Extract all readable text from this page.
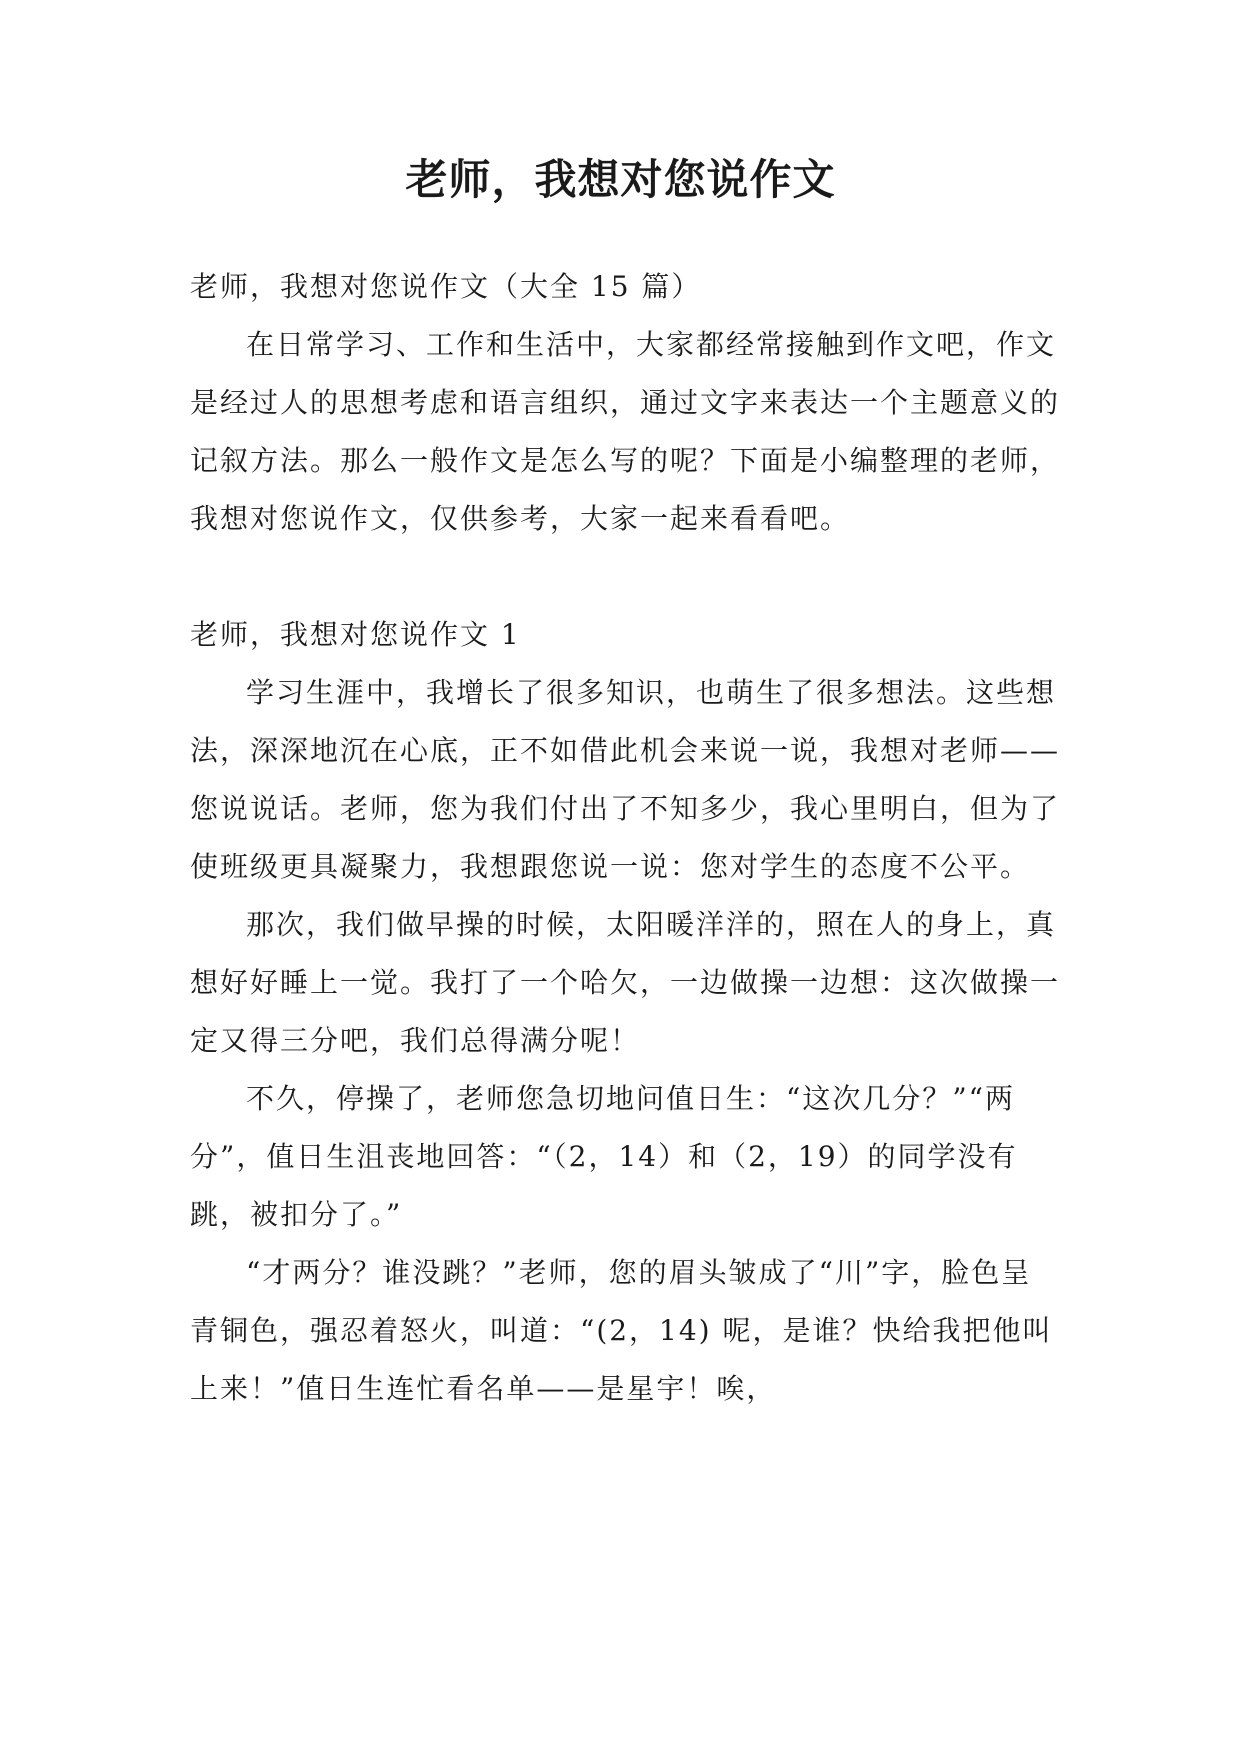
老师，我想对您说作文

老师，我想对您说作文（大全 15 篇）

在日常学习、工作和生活中，大家都经常接触到作文吧，作文是经过人的思想考虑和语言组织，通过文字来表达一个主题意义的记叙方法。那么一般作文是怎么写的呢？下面是小编整理的老师，我想对您说作文，仅供参考，大家一起来看看吧。

老师，我想对您说作文 1

学习生涯中，我增长了很多知识，也萌生了很多想法。这些想法，深深地沉在心底，正不如借此机会来说一说，我想对老师——您说说话。老师，您为我们付出了不知多少，我心里明白，但为了使班级更具凝聚力，我想跟您说一说：您对学生的态度不公平。

那次，我们做早操的时候，太阳暖洋洋的，照在人的身上，真想好好睡上一觉。我打了一个哈欠，一边做操一边想：这次做操一定又得三分吧，我们总得满分呢！

不久，停操了，老师您急切地问值日生：“这次几分？”“两分”，值日生沮丧地回答：“（2，14）和（2，19）的同学没有跳，被扣分了。”

“才两分？谁没跳？”老师，您的眉头皱成了“川”字，脸色呈青铜色，强忍着怒火，叫道：“(2，14) 呢，是谁？快给我把他叫上来！”值日生连忙看名单——是星宇！唉，
